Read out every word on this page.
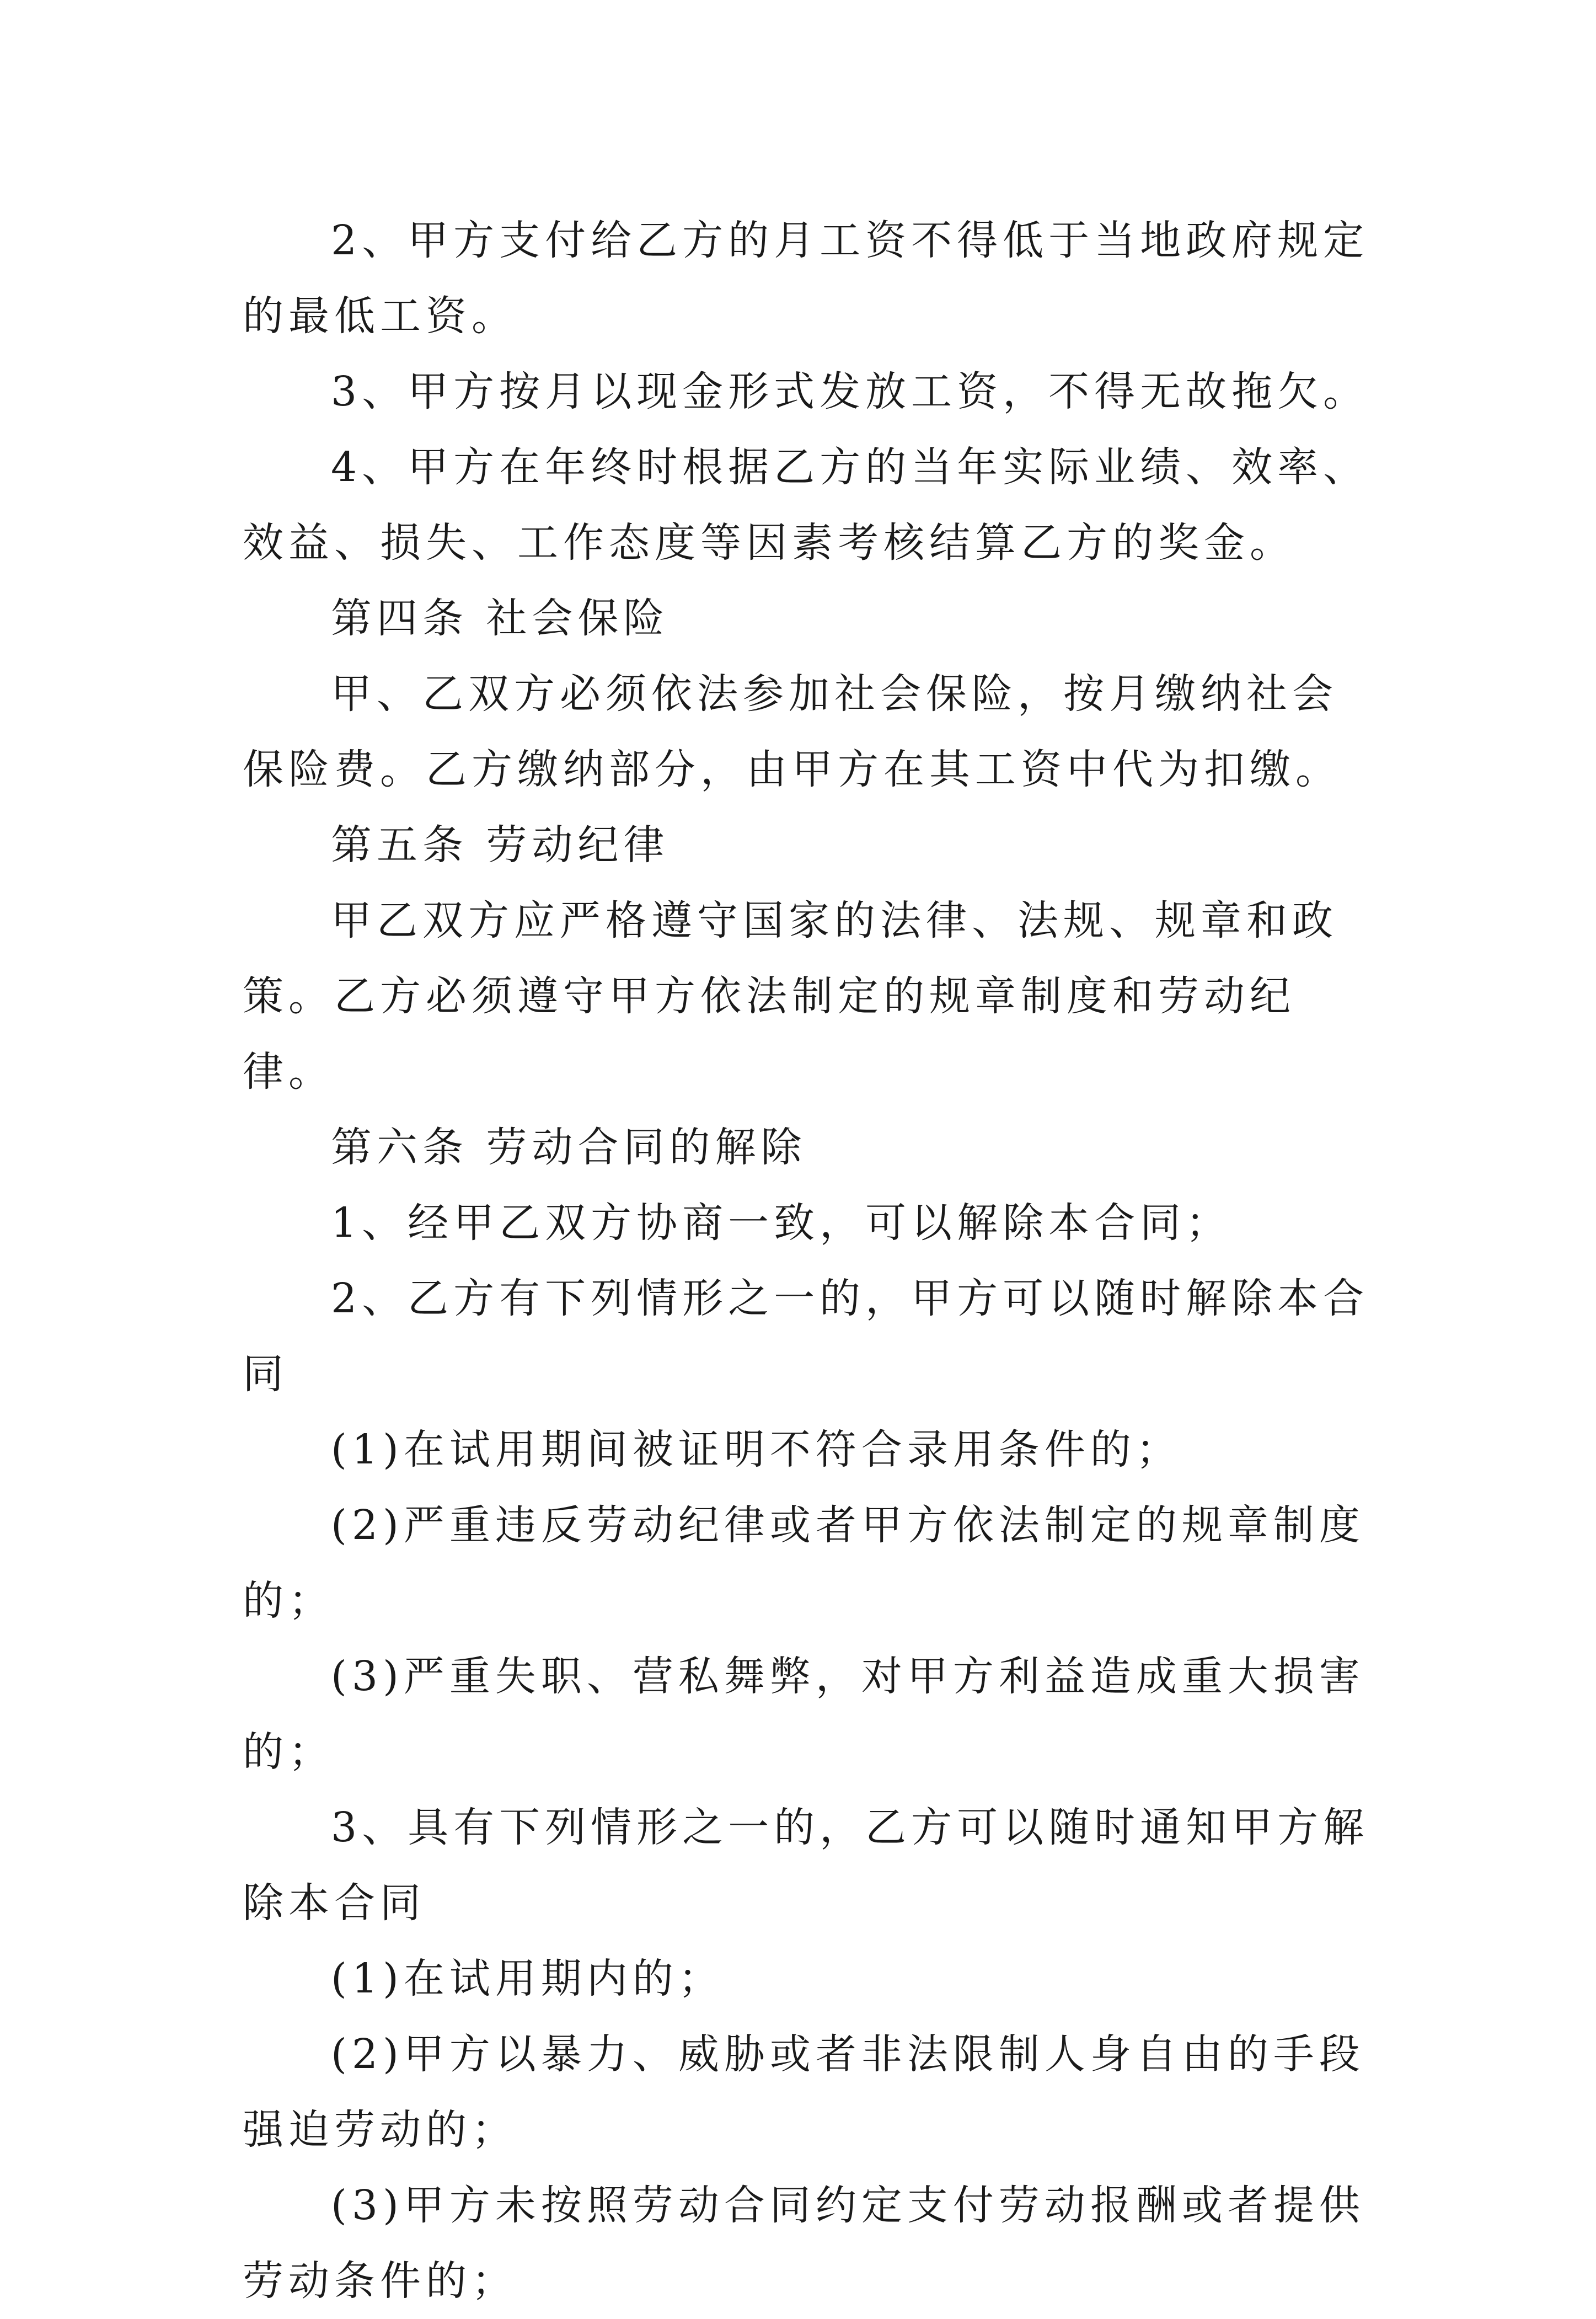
2、甲方支付给乙方的月工资不得低于当地政府规定的最低工资。

3、甲方按月以现金形式发放工资，不得无故拖欠。

4、甲方在年终时根据乙方的当年实际业绩、效率、效益、损失、工作态度等因素考核结算乙方的奖金。

第四条 社会保险

甲、乙双方必须依法参加社会保险，按月缴纳社会保险费。乙方缴纳部分，由甲方在其工资中代为扣缴。

第五条 劳动纪律

甲乙双方应严格遵守国家的法律、法规、规章和政策。乙方必须遵守甲方依法制定的规章制度和劳动纪律。

第六条 劳动合同的解除

1、经甲乙双方协商一致，可以解除本合同；

2、乙方有下列情形之一的，甲方可以随时解除本合同

(1)在试用期间被证明不符合录用条件的；

(2)严重违反劳动纪律或者甲方依法制定的规章制度的；

(3)严重失职、营私舞弊，对甲方利益造成重大损害的；

3、具有下列情形之一的，乙方可以随时通知甲方解除本合同

(1)在试用期内的；

(2)甲方以暴力、威胁或者非法限制人身自由的手段强迫劳动的；

(3)甲方未按照劳动合同约定支付劳动报酬或者提供劳动条件的；
